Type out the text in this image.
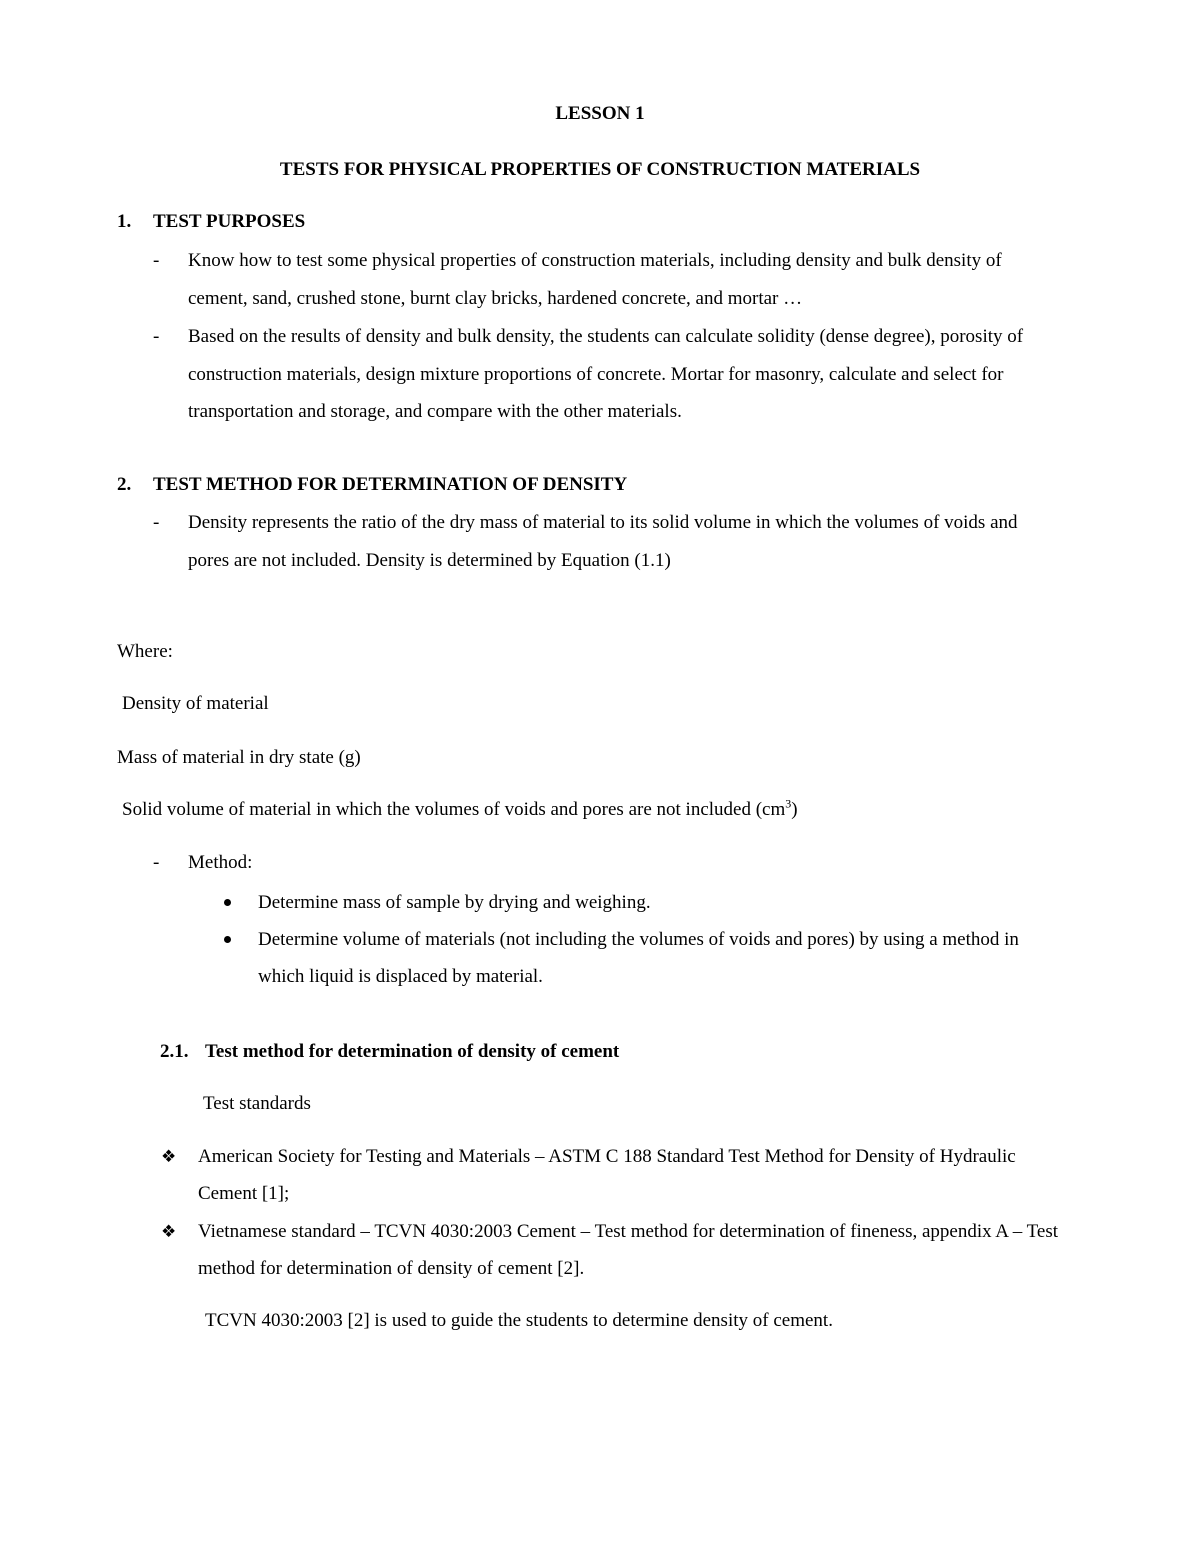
LESSON 1
TESTS FOR PHYSICAL PROPERTIES OF CONSTRUCTION MATERIALS
1. TEST PURPOSES
- Know how to test some physical properties of construction materials, including density and bulk density of
cement, sand, crushed stone, burnt clay bricks, hardened concrete, and mortar …
- Based on the results of density and bulk density, the students can calculate solidity (dense degree), porosity of
construction materials, design mixture proportions of concrete. Mortar for masonry, calculate and select for
transportation and storage, and compare with the other materials.
2. TEST METHOD FOR DETERMINATION OF DENSITY
- Density represents the ratio of the dry mass of material to its solid volume in which the volumes of voids and
pores are not included. Density is determined by Equation (1.1)
Where:
Density of material
Mass of material in dry state (g)
Solid volume of material in which the volumes of voids and pores are not included $(cm^3)$
- Method:
Determine mass of sample by drying and weighing.
Determine volume of materials (not including the volumes of voids and pores) by using a method in
which liquid is displaced by material.
2.1. Test method for determination of density of cement
Test standards
❖ American Society for Testing and Materials – ASTM C 188 Standard Test Method for Density of Hydraulic
Cement [1];
❖ Vietnamese standard – TCVN 4030:2003 Cement – Test method for determination of fineness, appendix A – Test
method for determination of density of cement [2].
TCVN 4030:2003 [2] is used to guide the students to determine density of cement.
